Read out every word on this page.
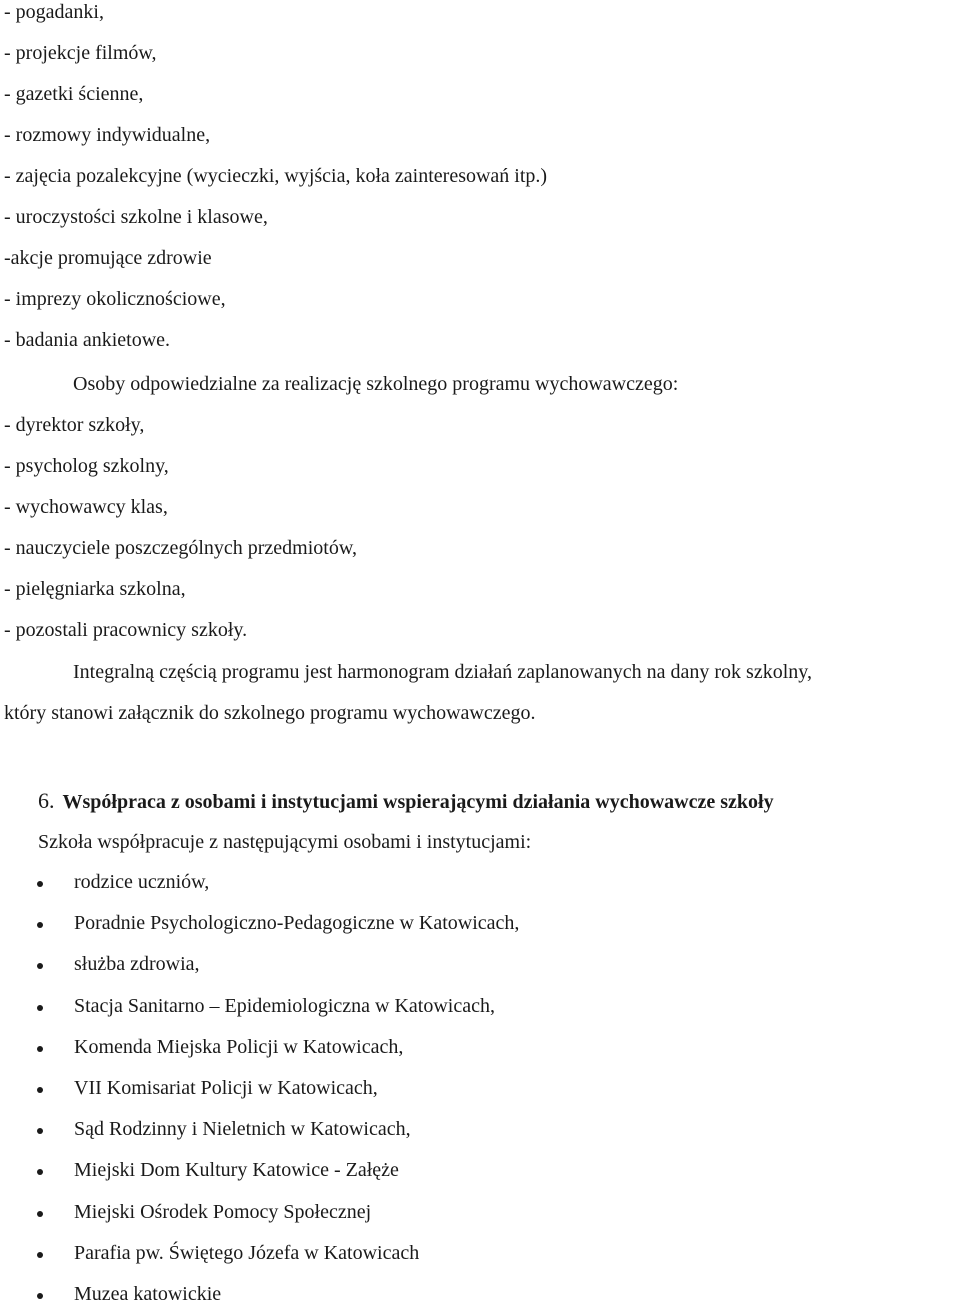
- pogadanki,
- projekcje filmów,
- gazetki ścienne,
- rozmowy indywidualne,
- zajęcia pozalekcyjne (wycieczki, wyjścia, koła zainteresowań itp.)
- uroczystości szkolne i klasowe,
-akcje promujące zdrowie
- imprezy okolicznościowe,
- badania ankietowe.

Osoby odpowiedzialne za realizację szkolnego programu wychowawczego:

- dyrektor szkoły,
- psycholog szkolny,
- wychowawcy klas,
- nauczyciele poszczególnych przedmiotów,
- pielęgniarka szkolna,
- pozostali pracownicy szkoły.

Integralną częścią programu jest harmonogram działań zaplanowanych na dany rok szkolny,
który stanowi załącznik do szkolnego programu wychowawczego.

6. Współpraca z osobami i instytucjami wspierającymi działania wychowawcze szkoły

Szkoła współpracuje z następującymi osobami i instytucjami:

rodzice uczniów,
Poradnie Psychologiczno-Pedagogiczne w Katowicach,
służba zdrowia,
Stacja Sanitarno – Epidemiologiczna w Katowicach,
Komenda Miejska Policji w Katowicach,
VII Komisariat Policji w Katowicach,
Sąd Rodzinny i Nieletnich w Katowicach,
Miejski Dom Kultury Katowice - Załęże
Miejski Ośrodek Pomocy Społecznej
Parafia pw. Świętego Józefa w Katowicach
Muzea katowickie
